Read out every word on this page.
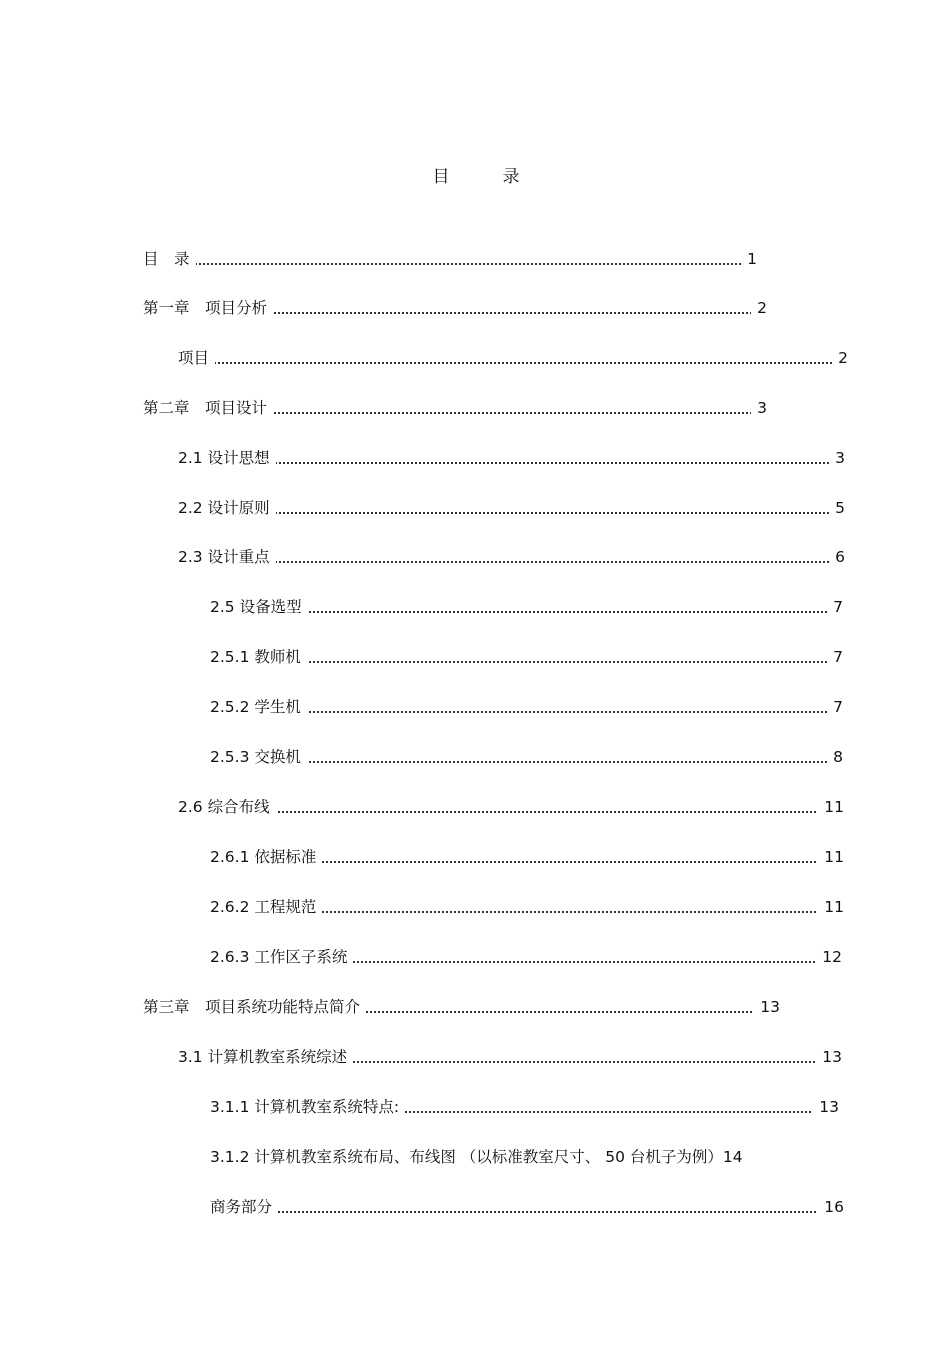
目　录
目　录	1
第一章　项目分析	2
项目	2
第二章　项目设计	3
2.1 设计思想	3
2.2 设计原则	5
2.3 设计重点	6
2.5 设备选型	7
2.5.1 教师机	7
2.5.2 学生机	7
2.5.3 交换机	8
2.6 综合布线	11
2.6.1 依据标准	11
2.6.2 工程规范	11
2.6.3 工作区子系统	12
第三章　项目系统功能特点简介	13
3.1 计算机教室系统综述	13
3.1.1 计算机教室系统特点:	13
3.1.2 计算机教室系统布局、布线图 （以标准教室尺寸、 50 台机子为例）14
商务部分	16
